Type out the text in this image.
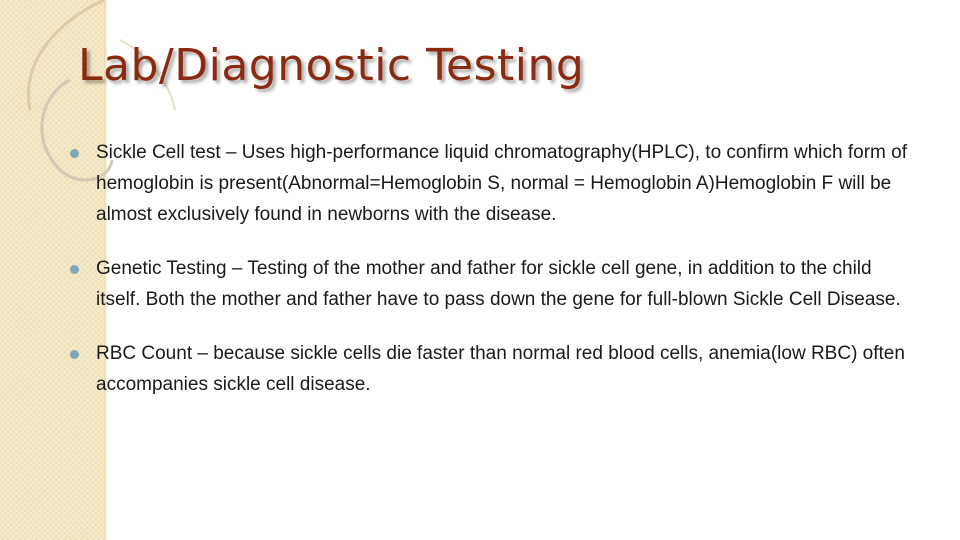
Lab/Diagnostic Testing
Sickle Cell test – Uses high-performance liquid chromatography(HPLC), to confirm which form of hemoglobin is present(Abnormal=Hemoglobin S, normal = Hemoglobin A)Hemoglobin F will be almost exclusively found in newborns with the disease.
Genetic Testing – Testing of the mother and father for sickle cell gene, in addition to the child itself. Both the mother and father have to pass down the gene for full-blown Sickle Cell Disease.
RBC Count – because sickle cells die faster than normal red blood cells, anemia(low RBC) often accompanies sickle cell disease.
